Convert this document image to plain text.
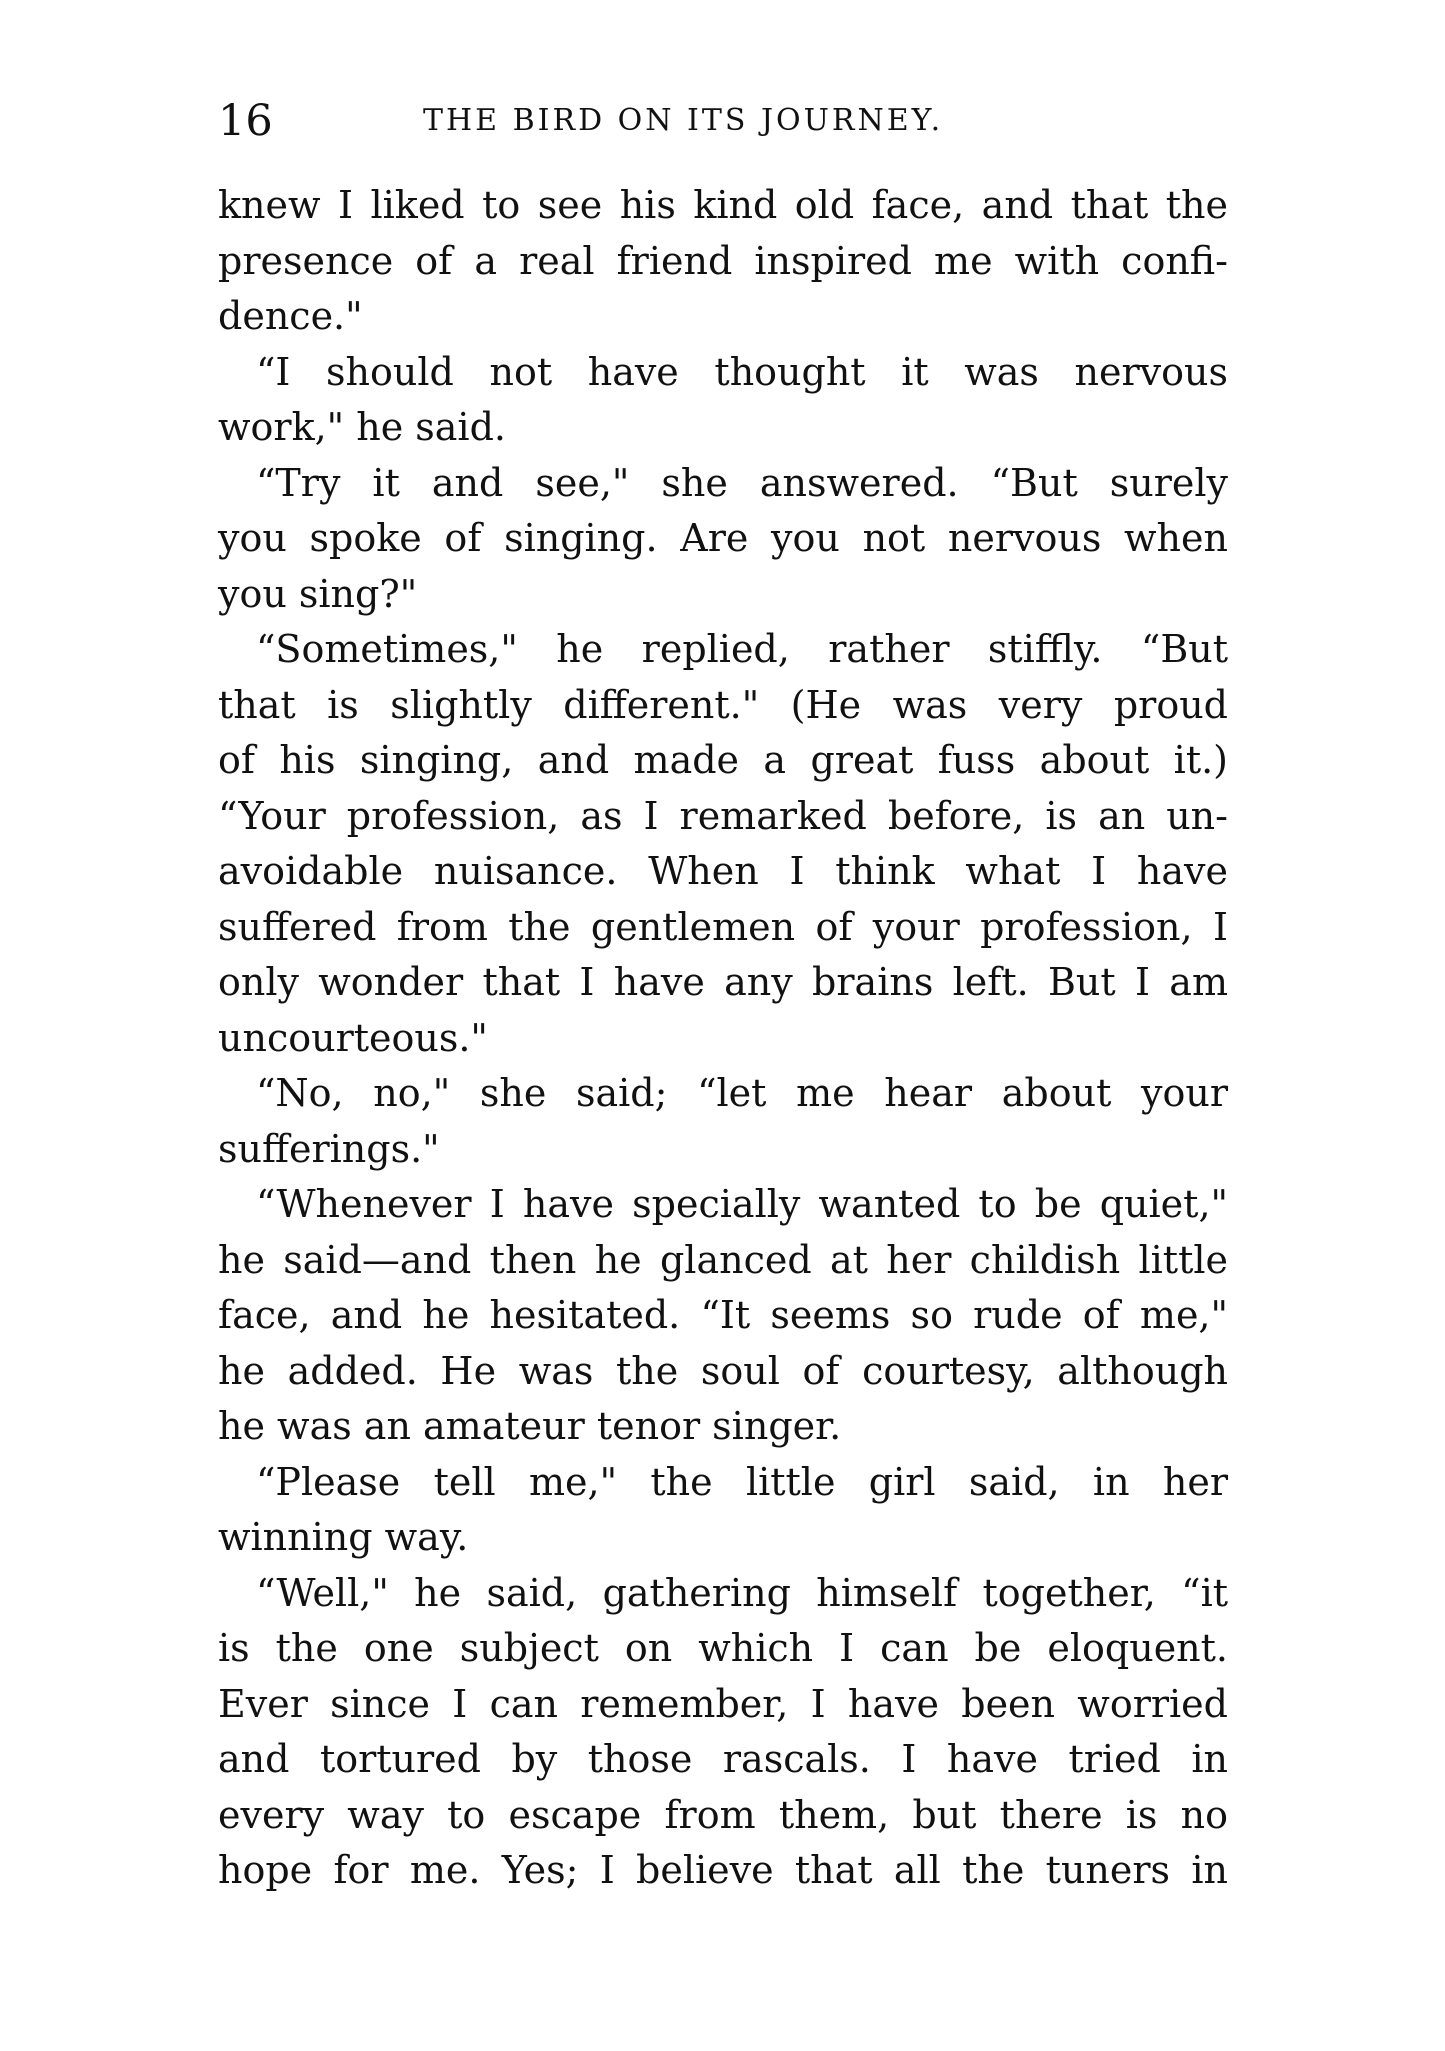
16	THE BIRD ON ITS JOURNEY.
knew I liked to see his kind old face, and that the
presence of a real friend inspired me with confi-
dence."
“I should not have thought it was nervous
work," he said.
“Try it and see," she answered. “But surely
you spoke of singing. Are you not nervous when
you sing?"
“Sometimes," he replied, rather stiffly. “But
that is slightly different." (He was very proud
of his singing, and made a great fuss about it.)
“Your profession, as I remarked before, is an un-
avoidable nuisance. When I think what I have
suffered from the gentlemen of your profession, I
only wonder that I have any brains left. But I am
uncourteous."
“No, no," she said; “let me hear about your
sufferings."
“Whenever I have specially wanted to be quiet,"
he said—and then he glanced at her childish little
face, and he hesitated. “It seems so rude of me,"
he added. He was the soul of courtesy, although
he was an amateur tenor singer.
“Please tell me," the little girl said, in her
winning way.
“Well," he said, gathering himself together, “it
is the one subject on which I can be eloquent.
Ever since I can remember, I have been worried
and tortured by those rascals. I have tried in
every way to escape from them, but there is no
hope for me. Yes; I believe that all the tuners in
